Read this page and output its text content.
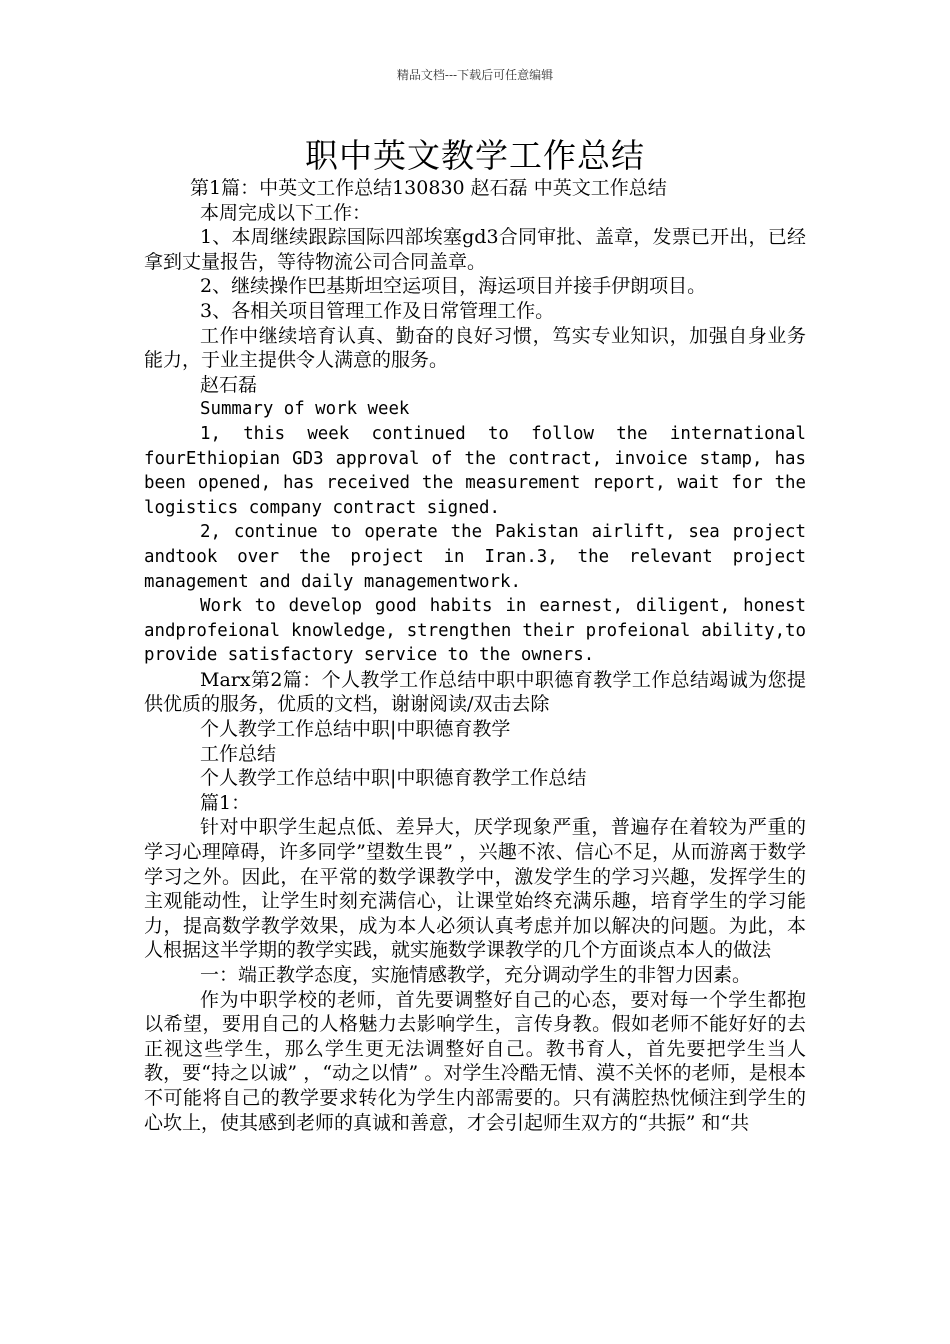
精品文档---下载后可任意编辑
职中英文教学工作总结

第1篇：中英文工作总结130830 赵石磊 中英文工作总结

本周完成以下工作：

1、本周继续跟踪国际四部埃塞gd3合同审批、盖章，发票已开出，已经拿到丈量报告，等待物流公司合同盖章。

2、继续操作巴基斯坦空运项目，海运项目并接手伊朗项目。

3、各相关项目管理工作及日常管理工作。

工作中继续培育认真、勤奋的良好习惯，笃实专业知识，加强自身业务能力，于业主提供令人满意的服务。

赵石磊

Summary of work week

1, this week continued to follow the international fourEthiopian GD3 approval of the contract, invoice stamp, has been opened, has received the measurement report, wait for the logistics company contract signed.

2, continue to operate the Pakistan airlift, sea project andtook over the project in Iran.3, the relevant project management and daily managementwork.

Work to develop good habits in earnest, diligent, honest andprofeional knowledge, strengthen their profeional ability,to provide satisfactory service to the owners.

Marx第2篇：个人教学工作总结中职中职德育教学工作总结竭诚为您提供优质的服务，优质的文档，谢谢阅读/双击去除

个人教学工作总结中职|中职德育教学

工作总结

个人教学工作总结中职|中职德育教学工作总结

篇1：

针对中职学生起点低、差异大，厌学现象严重，普遍存在着较为严重的学习心理障碍，许多同学”望数生畏” ，兴趣不浓、信心不足，从而游离于数学学习之外。因此，在平常的数学课教学中，激发学生的学习兴趣，发挥学生的主观能动性，让学生时刻充满信心，让课堂始终充满乐趣，培育学生的学习能力，提高数学教学效果，成为本人必须认真考虑并加以解决的问题。为此，本人根据这半学期的教学实践，就实施数学课教学的几个方面谈点本人的做法

一：端正教学态度，实施情感教学，充分调动学生的非智力因素。

作为中职学校的老师，首先要调整好自己的心态，要对每一个学生都抱以希望，要用自己的人格魅力去影响学生，言传身教。假如老师不能好好的去正视这些学生，那么学生更无法调整好自己。教书育人，首先要把学生当人教，要“持之以诚” ，“动之以情” 。对学生冷酷无情、漠不关怀的老师，是根本不可能将自己的教学要求转化为学生内部需要的。只有满腔热忱倾注到学生的心坎上，使其感到老师的真诚和善意，才会引起师生双方的“共振” 和“共
